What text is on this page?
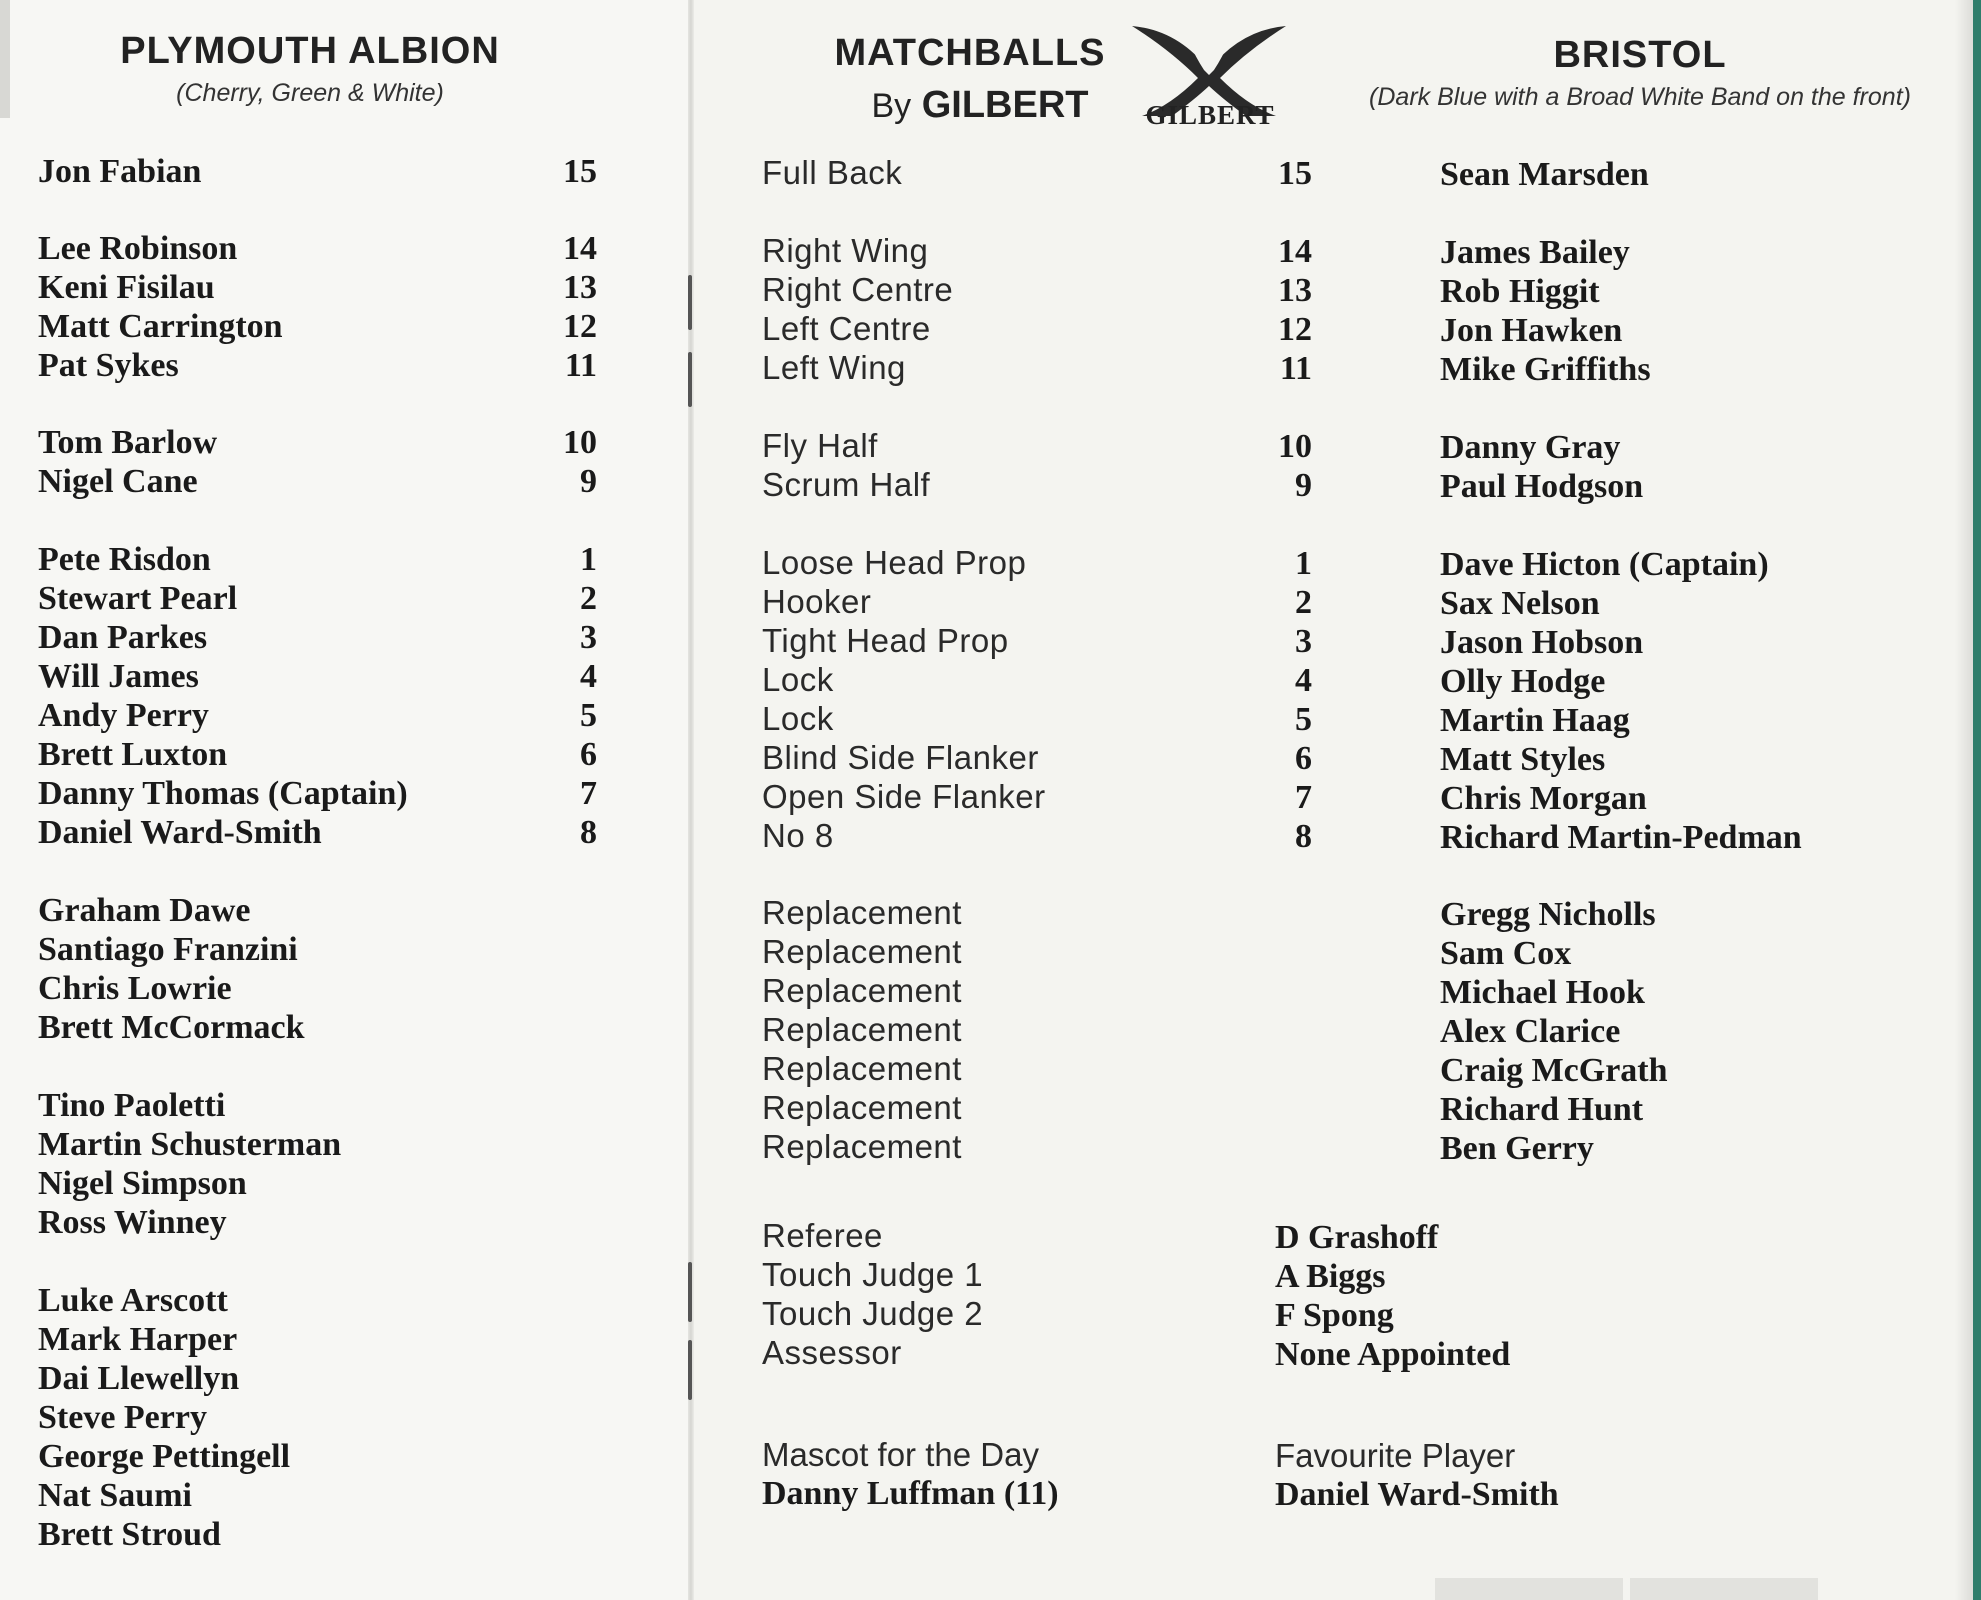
PLYMOUTH ALBION
(Cherry, Green & White)
MATCHBALLS
By GILBERT	GILBERT
BRISTOL
(Dark Blue with a Broad White Band on the front)
Jon Fabian	15
Lee Robinson	14
Keni Fisilau	13
Matt Carrington	12
Pat Sykes	11
Tom Barlow	10
Nigel Cane	9
Pete Risdon	1
Stewart Pearl	2
Dan Parkes	3
Will James	4
Andy Perry	5
Brett Luxton	6
Danny Thomas (Captain)	7
Daniel Ward-Smith	8
Graham Dawe
Santiago Franzini
Chris Lowrie
Brett McCormack
Tino Paoletti
Martin Schusterman
Nigel Simpson
Ross Winney
Luke Arscott
Mark Harper
Dai Llewellyn
Steve Perry
George Pettingell
Nat Saumi
Brett Stroud
Full Back	15	Sean Marsden
Right Wing	14	James Bailey
Right Centre	13	Rob Higgit
Left Centre	12	Jon Hawken
Left Wing	11	Mike Griffiths
Fly Half	10	Danny Gray
Scrum Half	9	Paul Hodgson
Loose Head Prop	1	Dave Hicton (Captain)
Hooker	2	Sax Nelson
Tight Head Prop	3	Jason Hobson
Lock	4	Olly Hodge
Lock	5	Martin Haag
Blind Side Flanker	6	Matt Styles
Open Side Flanker	7	Chris Morgan
No 8	8	Richard Martin-Pedman
Replacement	Gregg Nicholls
Replacement	Sam Cox
Replacement	Michael Hook
Replacement	Alex Clarice
Replacement	Craig McGrath
Replacement	Richard Hunt
Replacement	Ben Gerry
Referee	D Grashoff
Touch Judge 1	A Biggs
Touch Judge 2	F Spong
Assessor	None Appointed
Mascot for the Day
Danny Luffman (11)
Favourite Player
Daniel Ward-Smith
